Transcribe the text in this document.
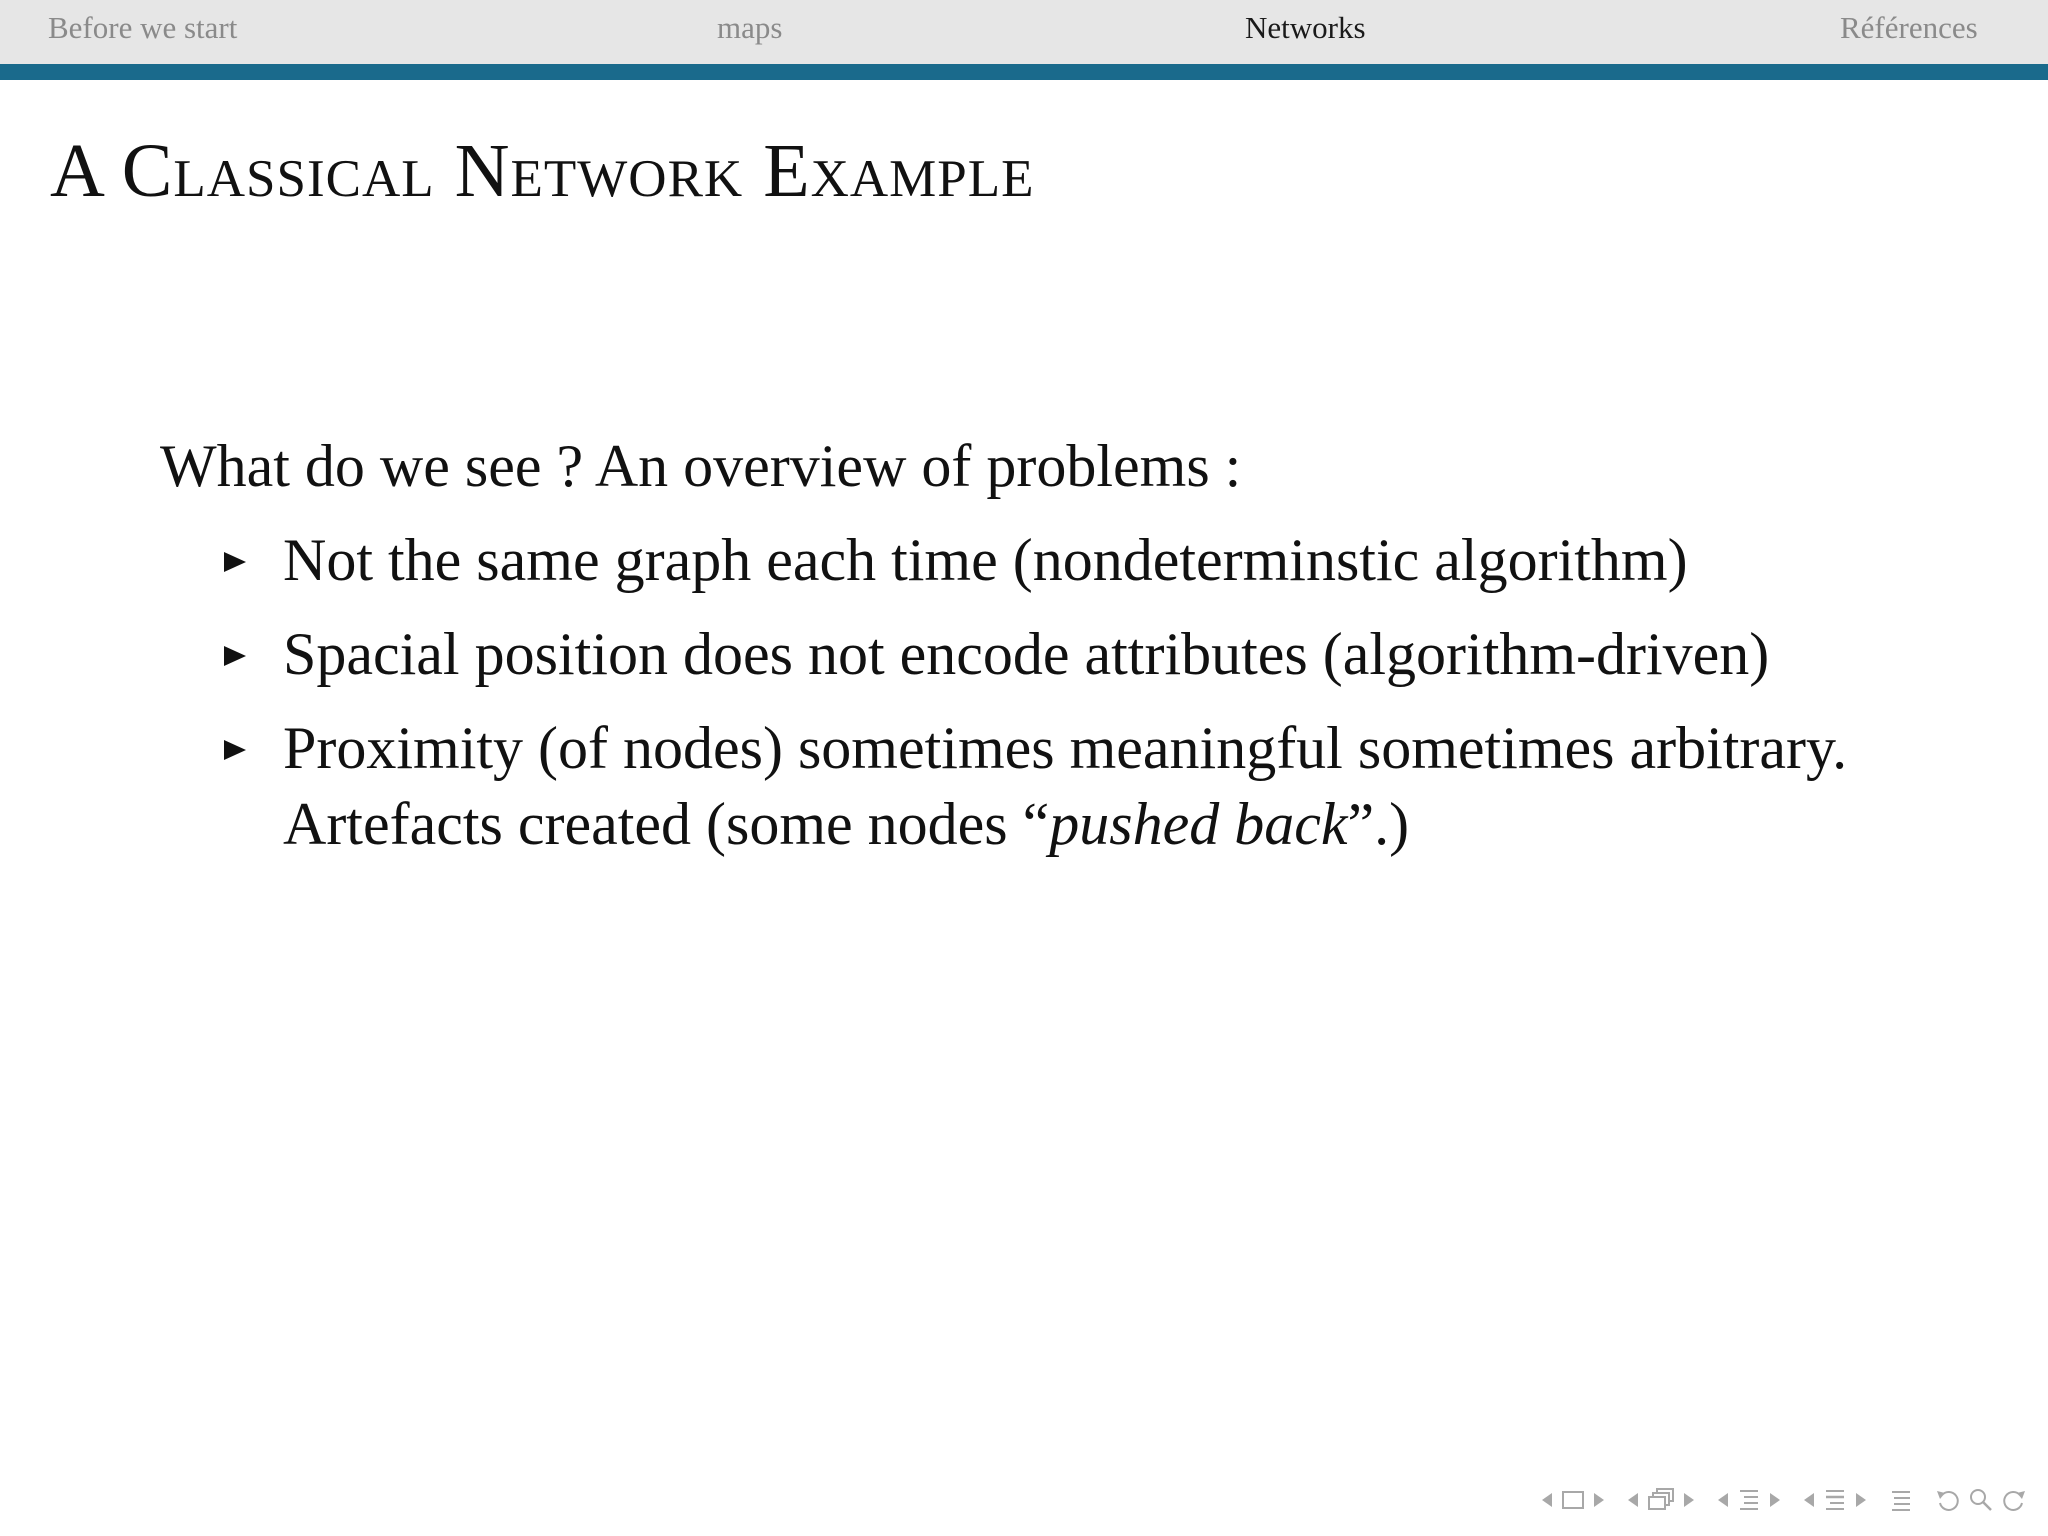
Before we start	maps	Networks	Références
A Classical Network Example

What do we see ? An overview of problems :

Not the same graph each time (nondeterminstic algorithm)
Spacial position does not encode attributes (algorithm-driven)
Proximity (of nodes) sometimes meaningful sometimes arbitrary. Artefacts created (some nodes “pushed back”.)
